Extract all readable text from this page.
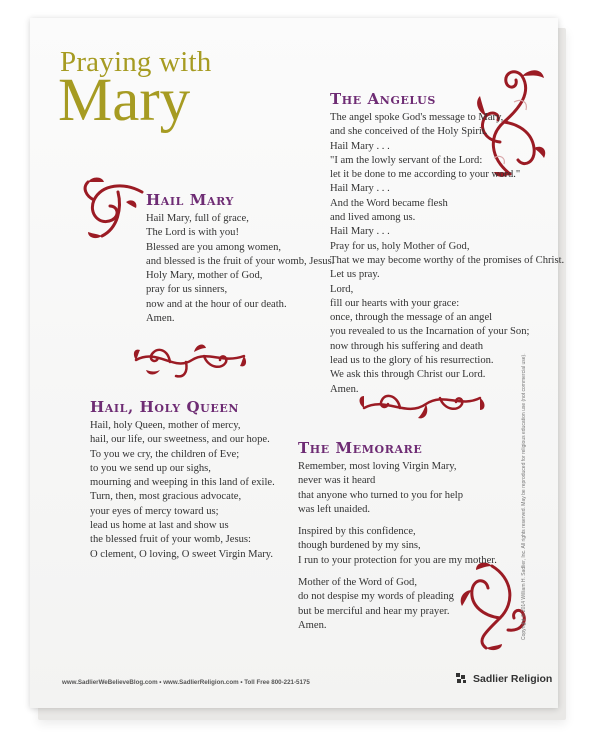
Praying with
Mary
Hail Mary
The Angelus
Hail, Holy Queen
The Memorare
Hail Mary, full of grace,
The Lord is with you!
Blessed are you among women,
and blessed is the fruit of your womb, Jesus.
Holy Mary, mother of God,
pray for us sinners,
now and at the hour of our death.
Amen.
The angel spoke God's message to Mary,
and she conceived of the Holy Spirit.
Hail Mary . . .
"I am the lowly servant of the Lord:
let it be done to me according to your word."
Hail Mary . . .
And the Word became flesh
and lived among us.
Hail Mary . . .
Pray for us, holy Mother of God,
That we may become worthy of the promises of Christ.
Let us pray.
Lord,
fill our hearts with your grace:
once, through the message of an angel
you revealed to us the Incarnation of your Son;
now through his suffering and death
lead us to the glory of his resurrection.
We ask this through Christ our Lord.
Amen.
Hail, holy Queen, mother of mercy,
hail, our life, our sweetness, and our hope.
To you we cry, the children of Eve;
to you we send up our sighs,
mourning and weeping in this land of exile.
Turn, then, most gracious advocate,
your eyes of mercy toward us;
lead us home at last and show us
the blessed fruit of your womb, Jesus:
O clement, O loving, O sweet Virgin Mary.
Remember, most loving Virgin Mary,
never was it heard
that anyone who turned to you for help
was left unaided.
Inspired by this confidence,
though burdened by my sins,
I run to your protection for you are my mother.
Mother of the Word of God,
do not despise my words of pleading
but be merciful and hear my prayer.
Amen.
www.SadlierWeBelieveBlog.com • www.SadlierReligion.com • Toll Free 800-221-5175	Sadlier Religion
Copyright © 2014 William H. Sadlier, Inc. All rights reserved. May be reproduced for religious education use (not commercial use).
